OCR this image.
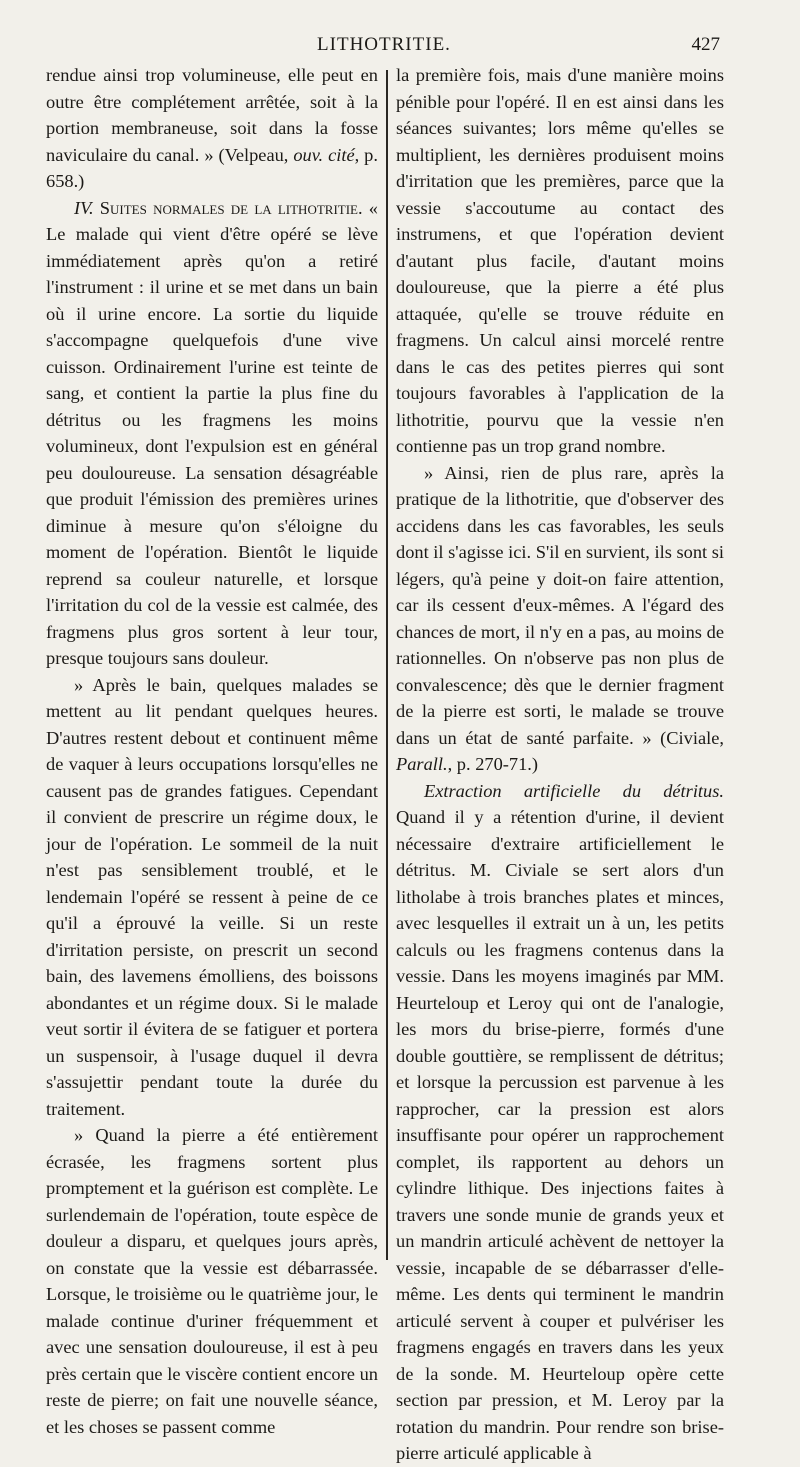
LITHOTRITIE.	427

rendue ainsi trop volumineuse, elle peut en outre être complétement arrêtée, soit à la portion membraneuse, soit dans la fosse naviculaire du canal. » (Velpeau, ouv. cité, p. 658.)

IV. Suites normales de la lithotritie. « Le malade qui vient d'être opéré se lève immédiatement après qu'on a retiré l'instrument : il urine et se met dans un bain où il urine encore. La sortie du liquide s'accompagne quelquefois d'une vive cuisson. Ordinairement l'urine est teinte de sang, et contient la partie la plus fine du détritus ou les fragmens les moins volumineux, dont l'expulsion est en général peu douloureuse. La sensation désagréable que produit l'émission des premières urines diminue à mesure qu'on s'éloigne du moment de l'opération. Bientôt le liquide reprend sa couleur naturelle, et lorsque l'irritation du col de la vessie est calmée, des fragmens plus gros sortent à leur tour, presque toujours sans douleur.

» Après le bain, quelques malades se mettent au lit pendant quelques heures. D'autres restent debout et continuent même de vaquer à leurs occupations lorsqu'elles ne causent pas de grandes fatigues. Cependant il convient de prescrire un régime doux, le jour de l'opération. Le sommeil de la nuit n'est pas sensiblement troublé, et le lendemain l'opéré se ressent à peine de ce qu'il a éprouvé la veille. Si un reste d'irritation persiste, on prescrit un second bain, des lavemens émolliens, des boissons abondantes et un régime doux. Si le malade veut sortir il évitera de se fatiguer et portera un suspensoir, à l'usage duquel il devra s'assujettir pendant toute la durée du traitement.

» Quand la pierre a été entièrement écrasée, les fragmens sortent plus promptement et la guérison est complète. Le surlendemain de l'opération, toute espèce de douleur a disparu, et quelques jours après, on constate que la vessie est débarrassée. Lorsque, le troisième ou le quatrième jour, le malade continue d'uriner fréquemment et avec une sensation douloureuse, il est à peu près certain que le viscère contient encore un reste de pierre; on fait une nouvelle séance, et les choses se passent comme

la première fois, mais d'une manière moins pénible pour l'opéré. Il en est ainsi dans les séances suivantes; lors même qu'elles se multiplient, les dernières produisent moins d'irritation que les premières, parce que la vessie s'accoutume au contact des instrumens, et que l'opération devient d'autant plus facile, d'autant moins douloureuse, que la pierre a été plus attaquée, qu'elle se trouve réduite en fragmens. Un calcul ainsi morcelé rentre dans le cas des petites pierres qui sont toujours favorables à l'application de la lithotritie, pourvu que la vessie n'en contienne pas un trop grand nombre.

» Ainsi, rien de plus rare, après la pratique de la lithotritie, que d'observer des accidens dans les cas favorables, les seuls dont il s'agisse ici. S'il en survient, ils sont si légers, qu'à peine y doit-on faire attention, car ils cessent d'eux-mêmes. A l'égard des chances de mort, il n'y en a pas, au moins de rationnelles. On n'observe pas non plus de convalescence; dès que le dernier fragment de la pierre est sorti, le malade se trouve dans un état de santé parfaite. » (Civiale, Parall., p. 270-71.)

Extraction artificielle du détritus. Quand il y a rétention d'urine, il devient nécessaire d'extraire artificiellement le détritus. M. Civiale se sert alors d'un litholabe à trois branches plates et minces, avec lesquelles il extrait un à un, les petits calculs ou les fragmens contenus dans la vessie. Dans les moyens imaginés par MM. Heurteloup et Leroy qui ont de l'analogie, les mors du brise-pierre, formés d'une double gouttière, se remplissent de détritus; et lorsque la percussion est parvenue à les rapprocher, car la pression est alors insuffisante pour opérer un rapprochement complet, ils rapportent au dehors un cylindre lithique. Des injections faites à travers une sonde munie de grands yeux et un mandrin articulé achèvent de nettoyer la vessie, incapable de se débarrasser d'elle-même. Les dents qui terminent le mandrin articulé servent à couper et pulvériser les fragmens engagés en travers dans les yeux de la sonde. M. Heurteloup opère cette section par pression, et M. Leroy par la rotation du mandrin. Pour rendre son brise-pierre articulé applicable à
